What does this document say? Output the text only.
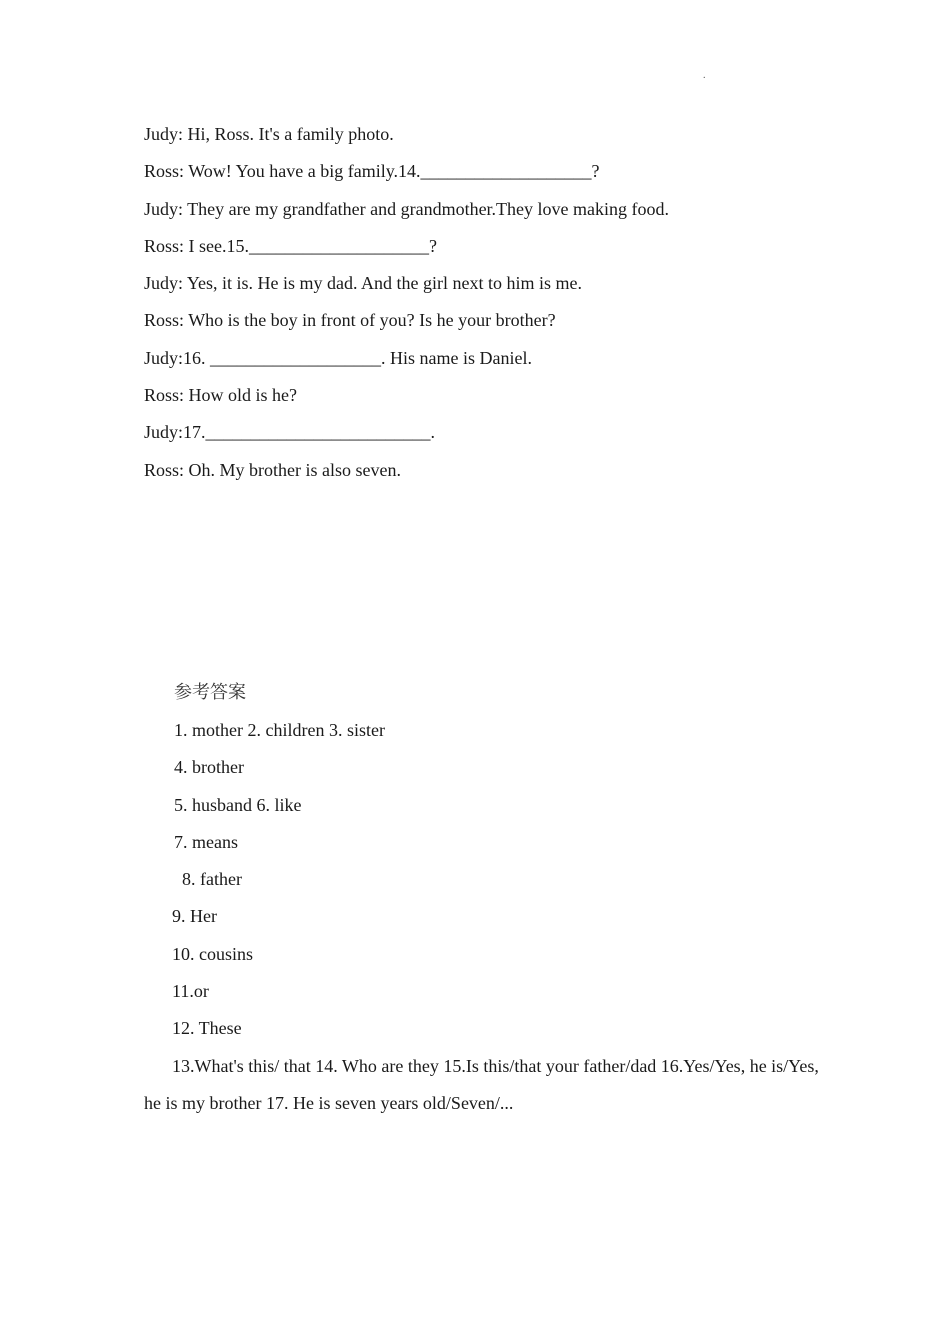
.
Judy: Hi, Ross. It's a family photo.
Ross: Wow! You have a big family.14.___________________?
Judy: They are my grandfather and grandmother.They love making food.
Ross: I see.15.____________________?
Judy: Yes, it is. He is my dad. And the girl next to him is me.
Ross: Who is the boy in front of you? Is he your brother?
Judy:16. ___________________. His name is Daniel.
Ross: How old is he?
Judy:17._________________________.
Ross: Oh. My brother is also seven.
参考答案
1. mother 2. children 3. sister
4. brother
5. husband 6. like
7. means
8. father
9. Her
10. cousins
11.or
12. These
13.What's this/ that 14. Who are they 15.Is this/that your father/dad 16.Yes/Yes, he is/Yes, he is my brother 17. He is seven years old/Seven/...
